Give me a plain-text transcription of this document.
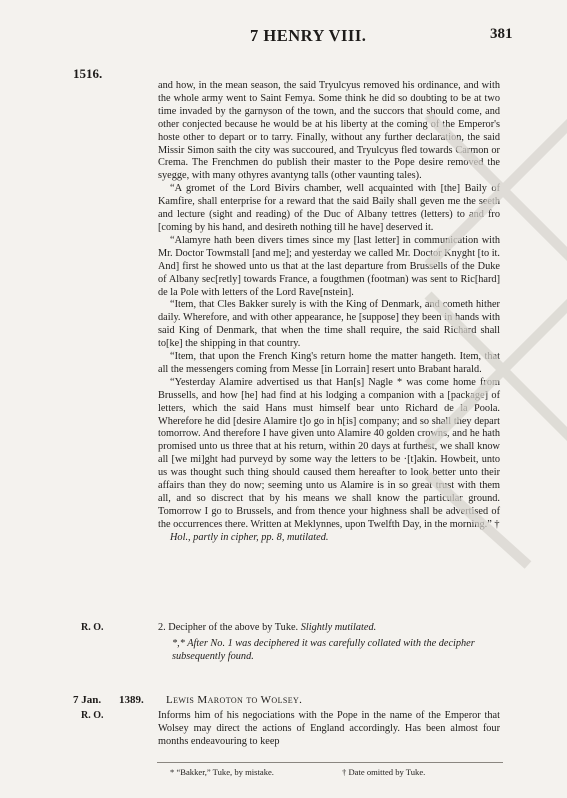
7 HENRY VIII.	381
1516.

and how, in the mean season, the said Tryulcyus removed his ordinance, and with the whole army went to Saint Femya. Some think he did so doubting to be at two time invaded by the garnyson of the town, and the succors that should come, and other conjected because he would be at his liberty at the coming of the Emperor's hoste other to depart or to tarry. Finally, without any further declaration, the said Missir Simon saith the city was succoured, and Tryulcyus fled towards Carmon or Crema. The Frenchmen do publish their master to the Pope desire removed the syegge, with many othyres avantyng talls (other vaunting tales).

“A gromet of the Lord Bivirs chamber, well acquainted with [the] Baily of Kamfire, shall enterprise for a reward that the said Baily shall geven me the seeth and lecture (sight and reading) of the Duc of Albany tettres (letters) to and fro [coming by his hand, and desireth nothing till he have] deserved it.

“Alamyre hath been divers times since my [last letter] in communication with Mr. Doctor Towmstall [and me]; and yesterday we called Mr. Doctor Knyght [to it. And] first he showed unto us that at the last departure from Brussells of the Duke of Albany sec[retly] towards France, a fougthmen (footman) was sent to Ric[hard] de la Pole with letters of the Lord Rave[nstein].

“Item, that Cles Bakker surely is with the King of Denmark, and cometh hither daily. Wherefore, and with other appearance, he [suppose] they been in hands with said King of Denmark, that when the time shall require, the said Richard shall to[ke] the shipping in that country.

“Item, that upon the French King's return home the matter hangeth. Item, that all the messengers coming from Messe [in Lorrain] resert unto Brabant harald.

“Yesterday Alamire advertised us that Han[s] Nagle * was come home from Brussells, and how [he] had find at his lodging a companion with a [package] of letters, which the said Hans must himself bear unto Richard de la Poola. Wherefore he did [desire Alamire t]o go in h[is] company; and so shall they depart tomorrow. And therefore I have given unto Alamire 40 golden crowns, and he hath promised unto us three that at his return, within 20 days at furthest, we shall know all [we mi]ght had purveyd by some way the letters to be ·[t]akin. Howbeit, unto us was thought such thing should caused them hereafter to look better unto their affairs than they do now; seeming unto us Alamire is in so great trust with them all, and so discrect that by his means we shall know the particular ground. Tomorrow I go to Brussels, and from thence your highness shall be advertised of the occurrences there. Written at Meklynnes, upon Twelfth Day, in the morning.” †

Hol., partly in cipher, pp. 8, mutilated.

R. O.	2. Decipher of the above by Tuke. Slightly mutilated.
*,* After No. 1 was deciphered it was carefully collated with the decipher subsequently found.
7 Jan. 1389. Lewis Maroton to Wolsey.
R. O.	Informs him of his negociations with the Pope in the name of the Emperor that Wolsey may direct the actions of England accordingly. Has been almost four months endeavouring to keep
* “Bakker,” Tuke, by mistake.	† Date omitted by Tuke.
